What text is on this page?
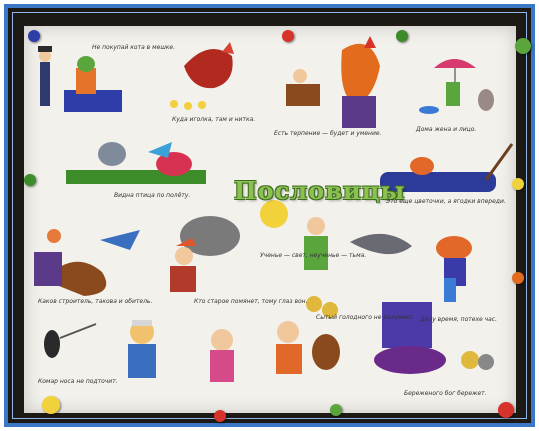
Пословицы
Не покупай кота в мешке.
Куда иголка, там и нитка.
Есть терпение — будет и умение.
Дома жена и лицо.
Видна птица по полёту.
Это еще цветочки, а ягодки впереди.
Ученье — свет, неученье — тьма.
Каков строитель, такова и обитель.	Кто старое помянет, тому глаз вон.
Сытый голодного не разумеет. Делу время, потехе час.
Комар носа не подточит.
Береженого бог бережет.
